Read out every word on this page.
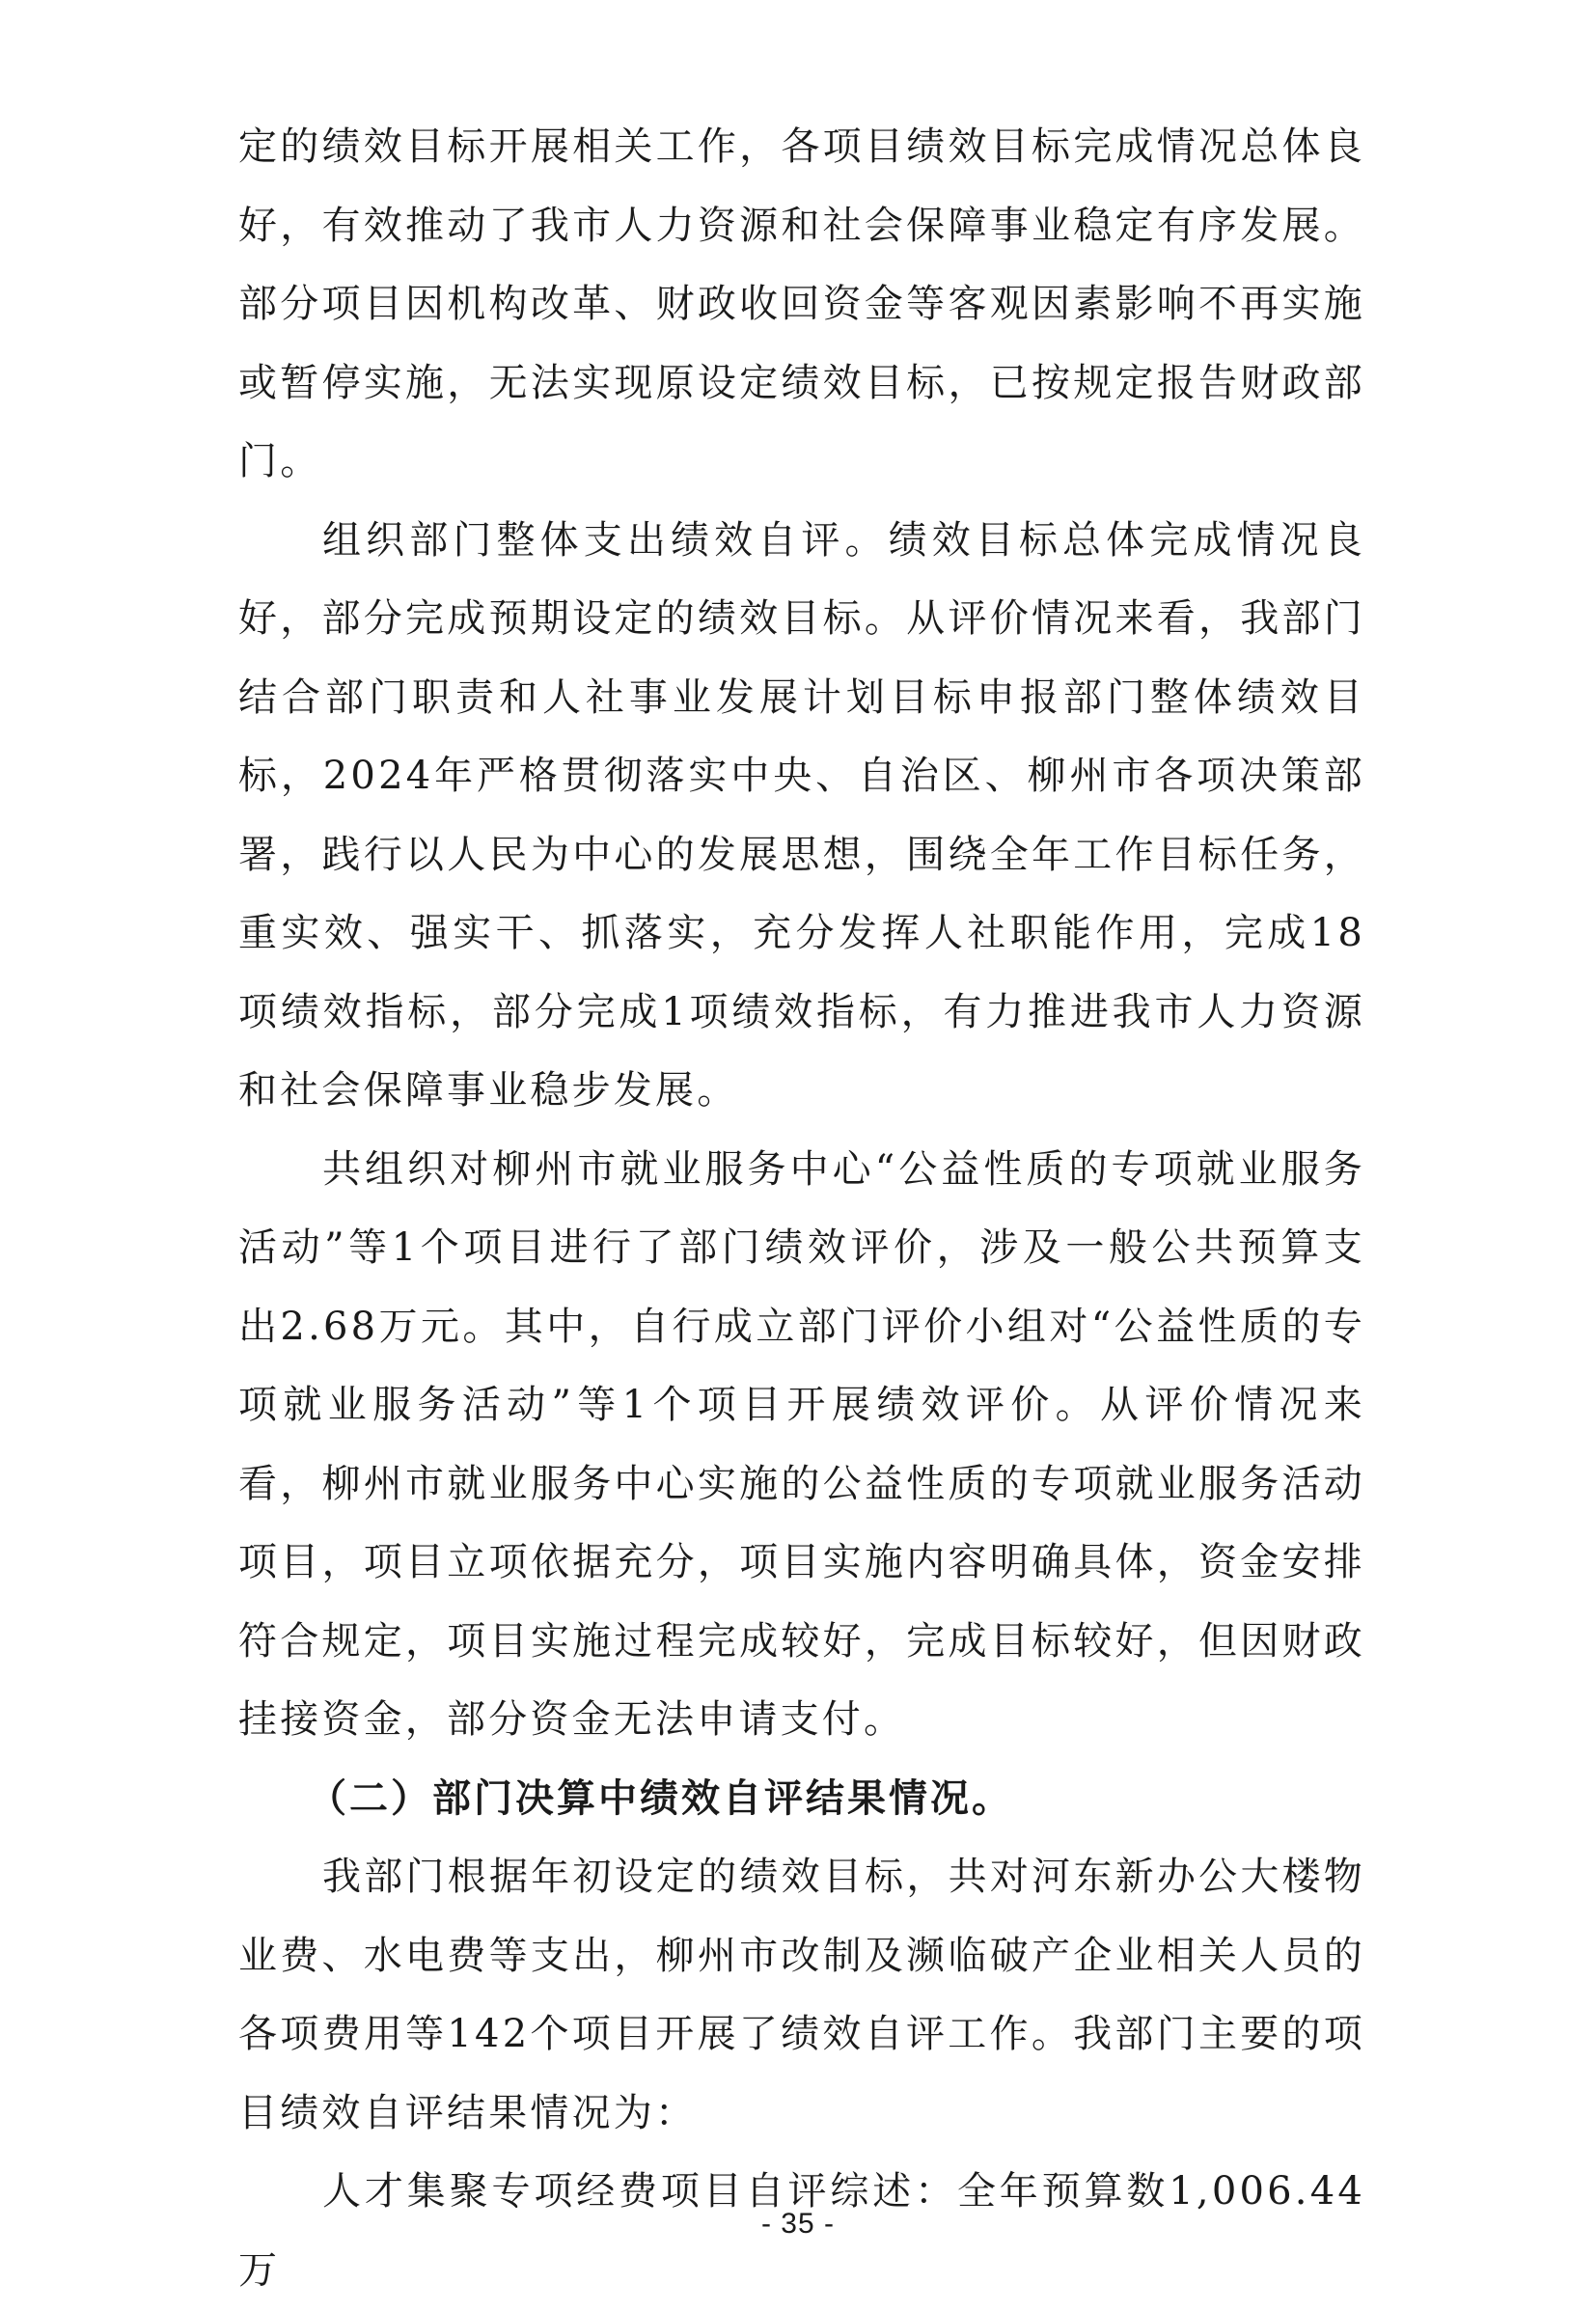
定的绩效目标开展相关工作，各项目绩效目标完成情况总体良好，有效推动了我市人力资源和社会保障事业稳定有序发展。部分项目因机构改革、财政收回资金等客观因素影响不再实施或暂停实施，无法实现原设定绩效目标，已按规定报告财政部门。

组织部门整体支出绩效自评。绩效目标总体完成情况良好，部分完成预期设定的绩效目标。从评价情况来看，我部门结合部门职责和人社事业发展计划目标申报部门整体绩效目标，2024年严格贯彻落实中央、自治区、柳州市各项决策部署，践行以人民为中心的发展思想，围绕全年工作目标任务，重实效、强实干、抓落实，充分发挥人社职能作用，完成18项绩效指标，部分完成1项绩效指标，有力推进我市人力资源和社会保障事业稳步发展。

共组织对柳州市就业服务中心“公益性质的专项就业服务活动”等1个项目进行了部门绩效评价，涉及一般公共预算支出2.68万元。其中，自行成立部门评价小组对“公益性质的专项就业服务活动”等1个项目开展绩效评价。从评价情况来看，柳州市就业服务中心实施的公益性质的专项就业服务活动项目，项目立项依据充分，项目实施内容明确具体，资金安排符合规定，项目实施过程完成较好，完成目标较好，但因财政挂接资金，部分资金无法申请支付。

（二）部门决算中绩效自评结果情况。

我部门根据年初设定的绩效目标，共对河东新办公大楼物业费、水电费等支出，柳州市改制及濒临破产企业相关人员的各项费用等142个项目开展了绩效自评工作。我部门主要的项目绩效自评结果情况为：

人才集聚专项经费项目自评综述：全年预算数1,006.44万

- 35 -
